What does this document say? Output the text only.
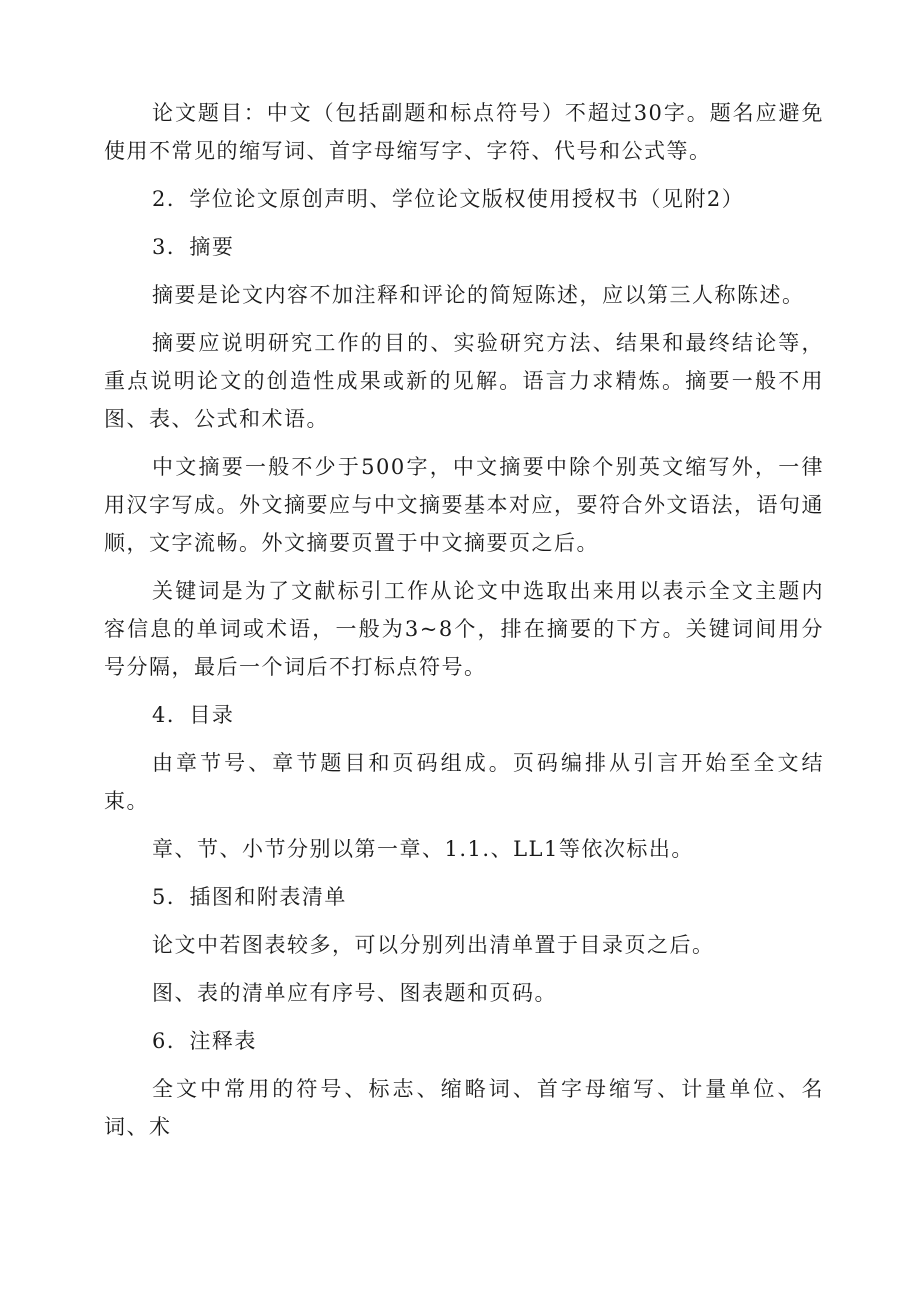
论文题目：中文（包括副题和标点符号）不超过30字。题名应避免使用不常见的缩写词、首字母缩写字、字符、代号和公式等。

2．学位论文原创声明、学位论文版权使用授权书（见附2）

3．摘要

摘要是论文内容不加注释和评论的简短陈述，应以第三人称陈述。

摘要应说明研究工作的目的、实验研究方法、结果和最终结论等，重点说明论文的创造性成果或新的见解。语言力求精炼。摘要一般不用图、表、公式和术语。

中文摘要一般不少于500字，中文摘要中除个别英文缩写外，一律用汉字写成。外文摘要应与中文摘要基本对应，要符合外文语法，语句通顺，文字流畅。外文摘要页置于中文摘要页之后。

关键词是为了文献标引工作从论文中选取出来用以表示全文主题内容信息的单词或术语，一般为3~8个，排在摘要的下方。关键词间用分号分隔，最后一个词后不打标点符号。

4．目录

由章节号、章节题目和页码组成。页码编排从引言开始至全文结束。

章、节、小节分别以第一章、1.1.、LL1等依次标出。

5．插图和附表清单

论文中若图表较多，可以分别列出清单置于目录页之后。

图、表的清单应有序号、图表题和页码。

6．注释表

全文中常用的符号、标志、缩略词、首字母缩写、计量单位、名词、术
